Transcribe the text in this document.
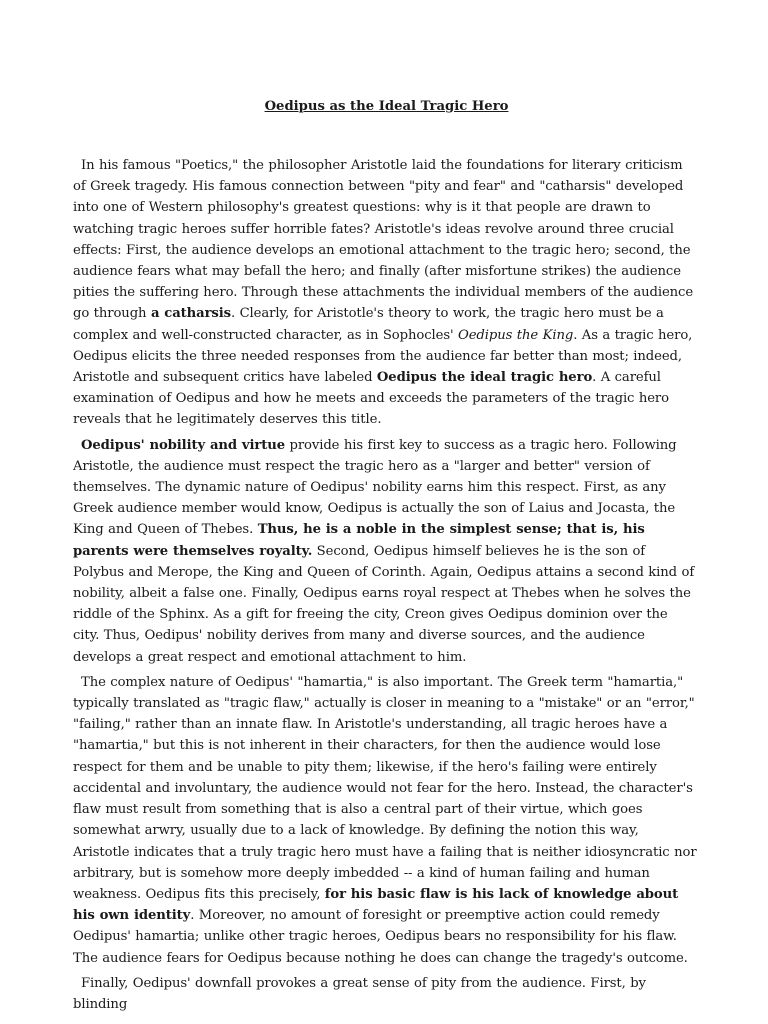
Oedipus as the Ideal Tragic Hero

In his famous "Poetics," the philosopher Aristotle laid the foundations for literary criticism of Greek tragedy. His famous connection between "pity and fear" and "catharsis" developed into one of Western philosophy's greatest questions: why is it that people are drawn to watching tragic heroes suffer horrible fates? Aristotle's ideas revolve around three crucial effects: First, the audience develops an emotional attachment to the tragic hero; second, the audience fears what may befall the hero; and finally (after misfortune strikes) the audience pities the suffering hero. Through these attachments the individual members of the audience go through a catharsis. Clearly, for Aristotle's theory to work, the tragic hero must be a complex and well-constructed character, as in Sophocles' Oedipus the King. As a tragic hero, Oedipus elicits the three needed responses from the audience far better than most; indeed, Aristotle and subsequent critics have labeled Oedipus the ideal tragic hero. A careful examination of Oedipus and how he meets and exceeds the parameters of the tragic hero reveals that he legitimately deserves this title.

Oedipus' nobility and virtue provide his first key to success as a tragic hero. Following Aristotle, the audience must respect the tragic hero as a "larger and better" version of themselves. The dynamic nature of Oedipus' nobility earns him this respect. First, as any Greek audience member would know, Oedipus is actually the son of Laius and Jocasta, the King and Queen of Thebes. Thus, he is a noble in the simplest sense; that is, his parents were themselves royalty. Second, Oedipus himself believes he is the son of Polybus and Merope, the King and Queen of Corinth. Again, Oedipus attains a second kind of nobility, albeit a false one. Finally, Oedipus earns royal respect at Thebes when he solves the riddle of the Sphinx. As a gift for freeing the city, Creon gives Oedipus dominion over the city. Thus, Oedipus' nobility derives from many and diverse sources, and the audience develops a great respect and emotional attachment to him.

The complex nature of Oedipus' "hamartia," is also important. The Greek term "hamartia," typically translated as "tragic flaw," actually is closer in meaning to a "mistake" or an "error," "failing," rather than an innate flaw. In Aristotle's understanding, all tragic heroes have a "hamartia," but this is not inherent in their characters, for then the audience would lose respect for them and be unable to pity them; likewise, if the hero's failing were entirely accidental and involuntary, the audience would not fear for the hero. Instead, the character's flaw must result from something that is also a central part of their virtue, which goes somewhat arwry, usually due to a lack of knowledge. By defining the notion this way, Aristotle indicates that a truly tragic hero must have a failing that is neither idiosyncratic nor arbitrary, but is somehow more deeply imbedded -- a kind of human failing and human weakness. Oedipus fits this precisely, for his basic flaw is his lack of knowledge about his own identity. Moreover, no amount of foresight or preemptive action could remedy Oedipus' hamartia; unlike other tragic heroes, Oedipus bears no responsibility for his flaw. The audience fears for Oedipus because nothing he does can change the tragedy's outcome.

Finally, Oedipus' downfall provokes a great sense of pity from the audience. First, by blinding
